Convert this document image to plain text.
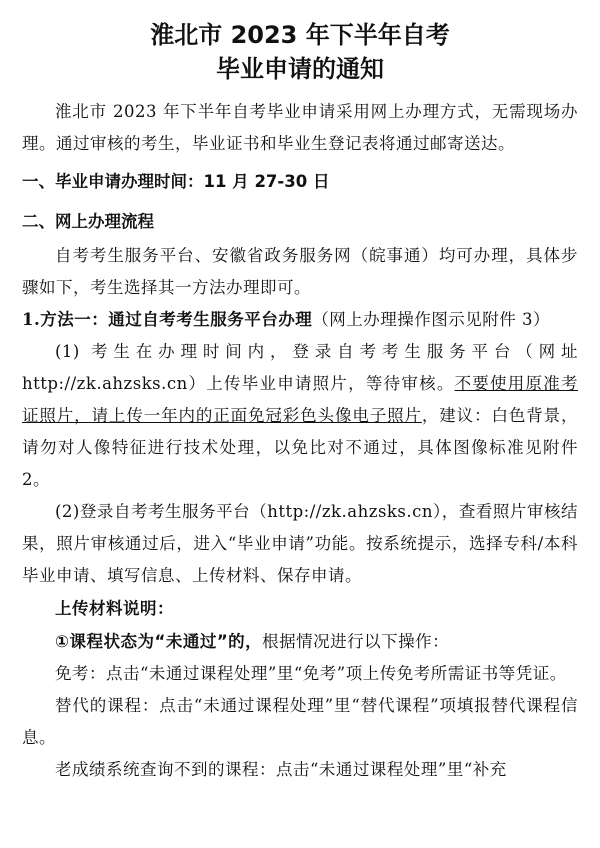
淮北市 2023 年下半年自考
毕业申请的通知

淮北市 2023 年下半年自考毕业申请采用网上办理方式，无需现场办理。通过审核的考生，毕业证书和毕业生登记表将通过邮寄送达。

一、毕业申请办理时间：11 月 27-30 日
二、网上办理流程

自考考生服务平台、安徽省政务服务网（皖事通）均可办理，具体步骤如下，考生选择其一方法办理即可。

1.方法一：通过自考考生服务平台办理（网上办理操作图示见附件 3）

(1) 考生在办理时间内，登录自考考生服务平台（网址 http://zk.ahzsks.cn）上传毕业申请照片，等待审核。不要使用原准考证照片，请上传一年内的正面免冠彩色头像电子照片，建议：白色背景，请勿对人像特征进行技术处理，以免比对不通过，具体图像标准见附件 2。

(2)登录自考考生服务平台（http://zk.ahzsks.cn），查看照片审核结果，照片审核通过后，进入“毕业申请”功能。按系统提示，选择专科/本科毕业申请、填写信息、上传材料、保存申请。

上传材料说明：

①课程状态为“未通过”的，根据情况进行以下操作：

免考：点击“未通过课程处理”里“免考”项上传免考所需证书等凭证。

替代的课程：点击“未通过课程处理”里“替代课程”项填报替代课程信息。

老成绩系统查询不到的课程：点击“未通过课程处理”里“补充
